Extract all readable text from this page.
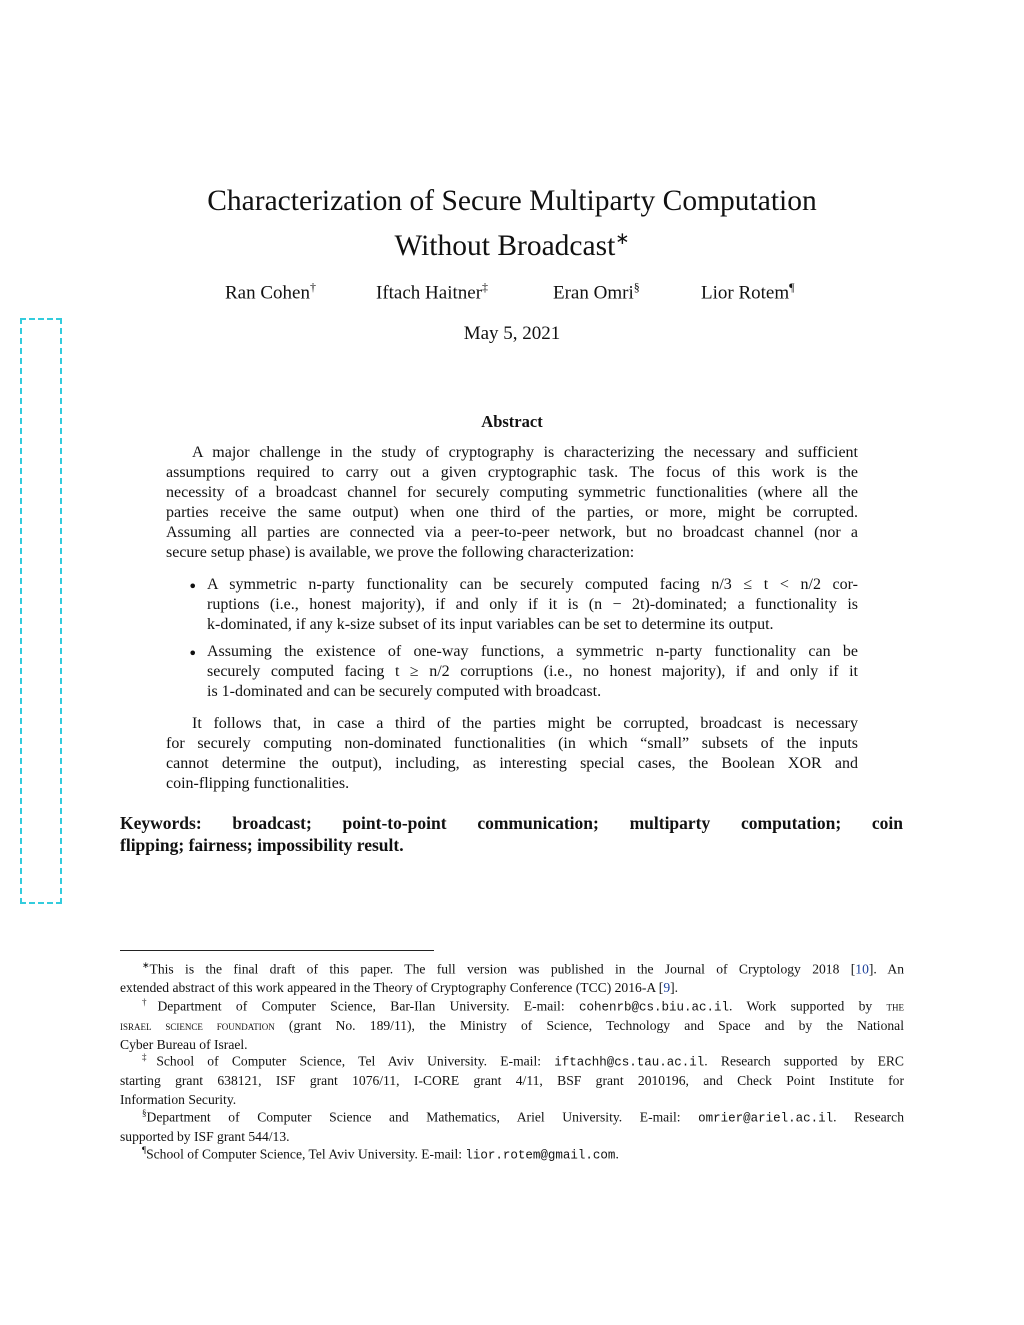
Characterization of Secure Multiparty Computation
Without Broadcast∗
Ran Cohen†	Iftach Haitner‡	Eran Omri§	Lior Rotem¶
May 5, 2021
Abstract
A major challenge in the study of cryptography is characterizing the necessary and sufficient
assumptions required to carry out a given cryptographic task. The focus of this work is the
necessity of a broadcast channel for securely computing symmetric functionalities (where all the
parties receive the same output) when one third of the parties, or more, might be corrupted.
Assuming all parties are connected via a peer-to-peer network, but no broadcast channel (nor a
secure setup phase) is available, we prove the following characterization:
• A symmetric n-party functionality can be securely computed facing n/3 ≤ t < n/2 cor-
ruptions (i.e., honest majority), if and only if it is (n − 2t)-dominated; a functionality is
k-dominated, if any k-size subset of its input variables can be set to determine its output.
• Assuming the existence of one-way functions, a symmetric n-party functionality can be
securely computed facing t ≥ n/2 corruptions (i.e., no honest majority), if and only if it
is 1-dominated and can be securely computed with broadcast.
It follows that, in case a third of the parties might be corrupted, broadcast is necessary
for securely computing non-dominated functionalities (in which “small” subsets of the inputs
cannot determine the output), including, as interesting special cases, the Boolean XOR and
coin-flipping functionalities.
Keywords: broadcast; point-to-point communication; multiparty computation; coin
flipping; fairness; impossibility result.
∗This is the final draft of this paper. The full version was published in the Journal of Cryptology 2018 [10]. An
extended abstract of this work appeared in the Theory of Cryptography Conference (TCC) 2016-A [9].
†Department of Computer Science, Bar-Ilan University. E-mail: cohenrb@cs.biu.ac.il. Work supported by the
israel science foundation (grant No. 189/11), the Ministry of Science, Technology and Space and by the National
Cyber Bureau of Israel.
‡School of Computer Science, Tel Aviv University. E-mail: iftachh@cs.tau.ac.il. Research supported by ERC
starting grant 638121, ISF grant 1076/11, I-CORE grant 4/11, BSF grant 2010196, and Check Point Institute for
Information Security.
§Department of Computer Science and Mathematics, Ariel University. E-mail: omrier@ariel.ac.il. Research
supported by ISF grant 544/13.
¶School of Computer Science, Tel Aviv University. E-mail: lior.rotem@gmail.com.
